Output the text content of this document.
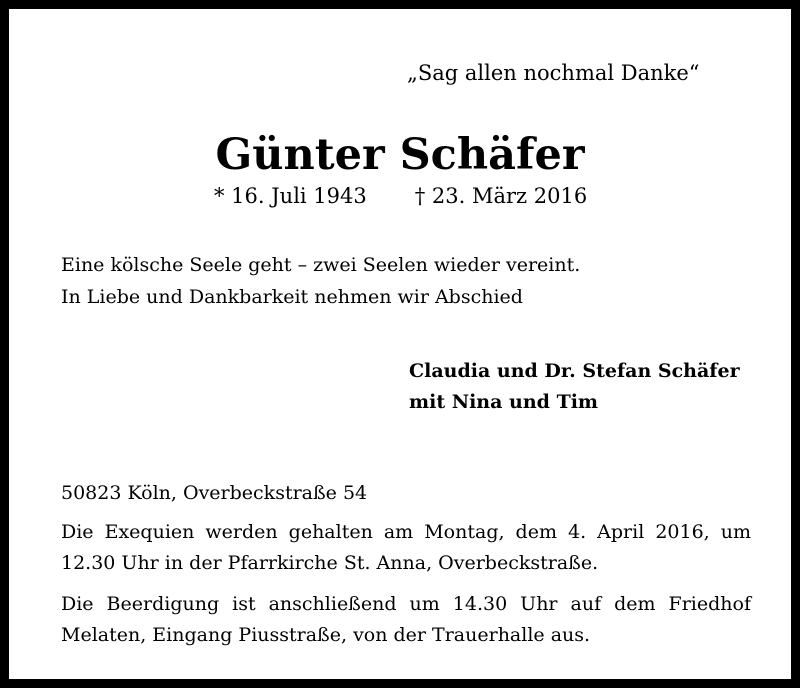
„Sag allen nochmal Danke“
Günter Schäfer
* 16. Juli 1943 † 23. März 2016
Eine kölsche Seele geht – zwei Seelen wieder vereint.
In Liebe und Dankbarkeit nehmen wir Abschied
Claudia und Dr. Stefan Schäfer
mit Nina und Tim
50823 Köln, Overbeckstraße 54
Die Exequien werden gehalten am Montag, dem 4. April 2016, um 12.30 Uhr in der Pfarrkirche St. Anna, Overbeckstraße.
Die Beerdigung ist anschließend um 14.30 Uhr auf dem Friedhof Melaten, Eingang Piusstraße, von der Trauerhalle aus.
